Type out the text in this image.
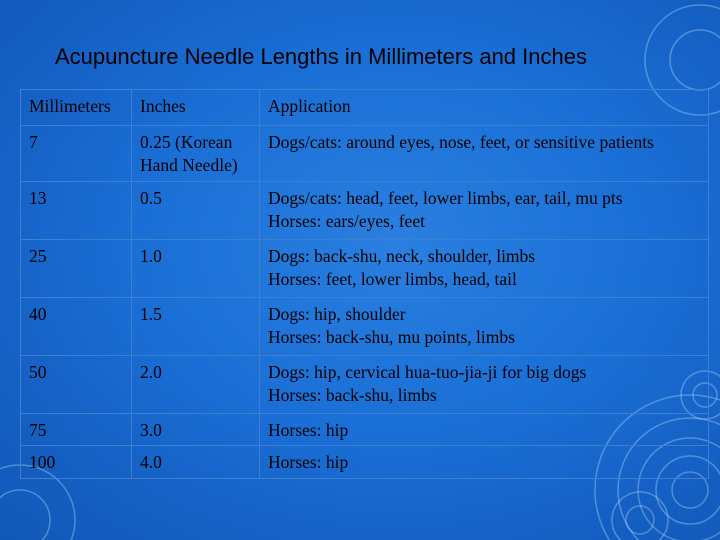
Acupuncture Needle Lengths in Millimeters and Inches
Millimeters	Inches	Application
7	0.25 (Korean Hand Needle)	Dogs/cats: around eyes, nose, feet, or sensitive patients

13	0.5	Dogs/cats: head, feet, lower limbs, ear, tail, mu pts
Horses: ears/eyes, feet

25	1.0	Dogs: back-shu, neck, shoulder, limbs
Horses: feet, lower limbs, head, tail

40	1.5	Dogs: hip, shoulder
Horses: back-shu, mu points, limbs

50	2.0	Dogs: hip, cervical hua-tuo-jia-ji for big dogs
Horses: back-shu, limbs

75	3.0	Horses: hip

100	4.0	Horses: hip
